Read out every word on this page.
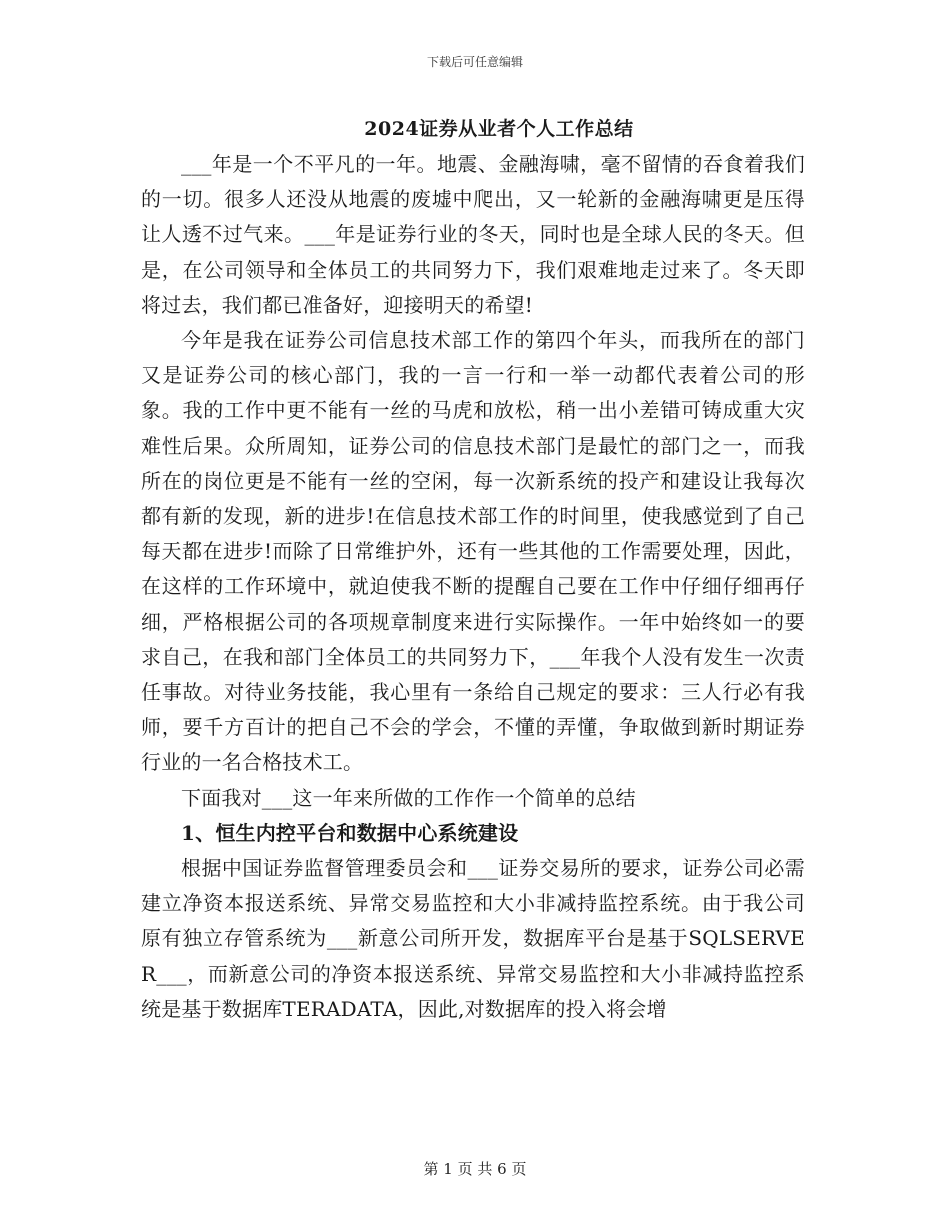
下载后可任意编辑
2024证券从业者个人工作总结

___年是一个不平凡的一年。地震、金融海啸，毫不留情的吞食着我们的一切。很多人还没从地震的废墟中爬出，又一轮新的金融海啸更是压得让人透不过气来。___年是证券行业的冬天，同时也是全球人民的冬天。但是，在公司领导和全体员工的共同努力下，我们艰难地走过来了。冬天即将过去，我们都已准备好，迎接明天的希望!

今年是我在证券公司信息技术部工作的第四个年头，而我所在的部门又是证券公司的核心部门，我的一言一行和一举一动都代表着公司的形象。我的工作中更不能有一丝的马虎和放松，稍一出小差错可铸成重大灾难性后果。众所周知，证券公司的信息技术部门是最忙的部门之一，而我所在的岗位更是不能有一丝的空闲，每一次新系统的投产和建设让我每次都有新的发现，新的进步!在信息技术部工作的时间里，使我感觉到了自己每天都在进步!而除了日常维护外，还有一些其他的工作需要处理，因此，在这样的工作环境中，就迫使我不断的提醒自己要在工作中仔细仔细再仔细，严格根据公司的各项规章制度来进行实际操作。一年中始终如一的要求自己，在我和部门全体员工的共同努力下，___年我个人没有发生一次责任事故。对待业务技能，我心里有一条给自己规定的要求：三人行必有我师，要千方百计的把自己不会的学会，不懂的弄懂，争取做到新时期证券行业的一名合格技术工。

下面我对___这一年来所做的工作作一个简单的总结

1、恒生内控平台和数据中心系统建设

根据中国证券监督管理委员会和___证券交易所的要求，证券公司必需建立净资本报送系统、异常交易监控和大小非减持监控系统。由于我公司原有独立存管系统为___新意公司所开发，数据库平台是基于SQLSERVER___，而新意公司的净资本报送系统、异常交易监控和大小非减持监控系统是基于数据库TERADATA，因此,对数据库的投入将会增

第 1 页 共 6 页
